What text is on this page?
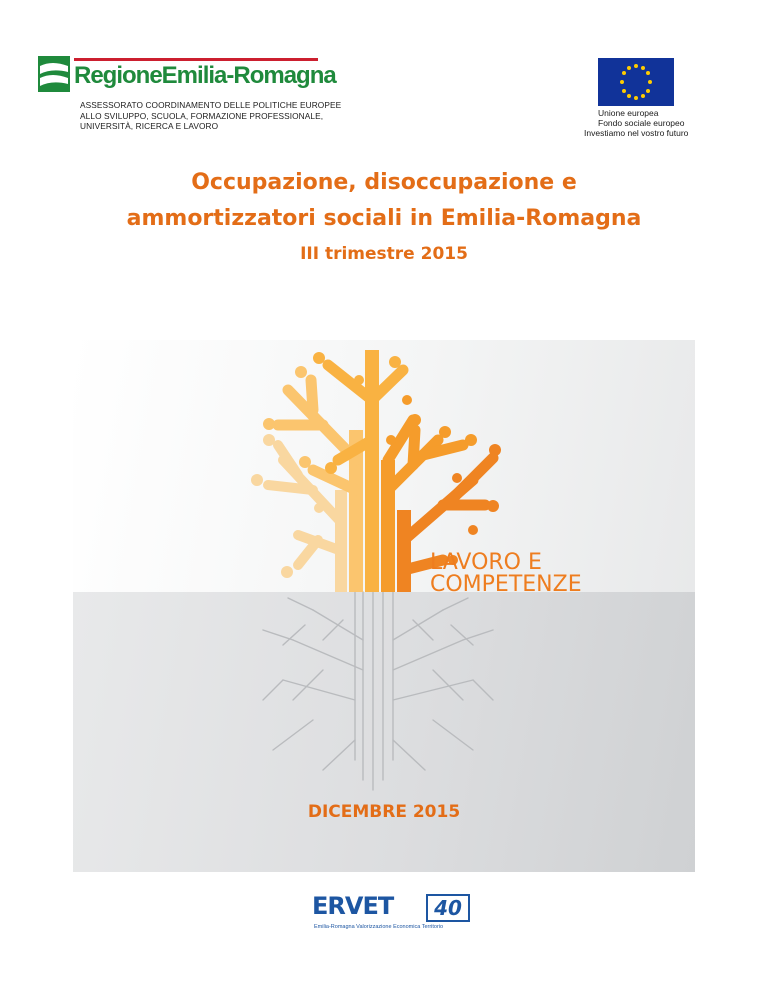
RegioneEmilia-Romagna
ASSESSORATO COORDINAMENTO DELLE POLITICHE EUROPEE
ALLO SVILUPPO, SCUOLA, FORMAZIONE PROFESSIONALE,
UNIVERSITÀ, RICERCA E LAVORO
Unione europea
Fondo sociale europeo
Investiamo nel vostro futuro
Occupazione, disoccupazione e
ammortizzatori sociali in Emilia-Romagna
III trimestre 2015
LAVORO E
COMPETENZE
DICEMBRE 2015
ERVET	40
Emilia-Romagna Valorizzazione Economica Territorio
